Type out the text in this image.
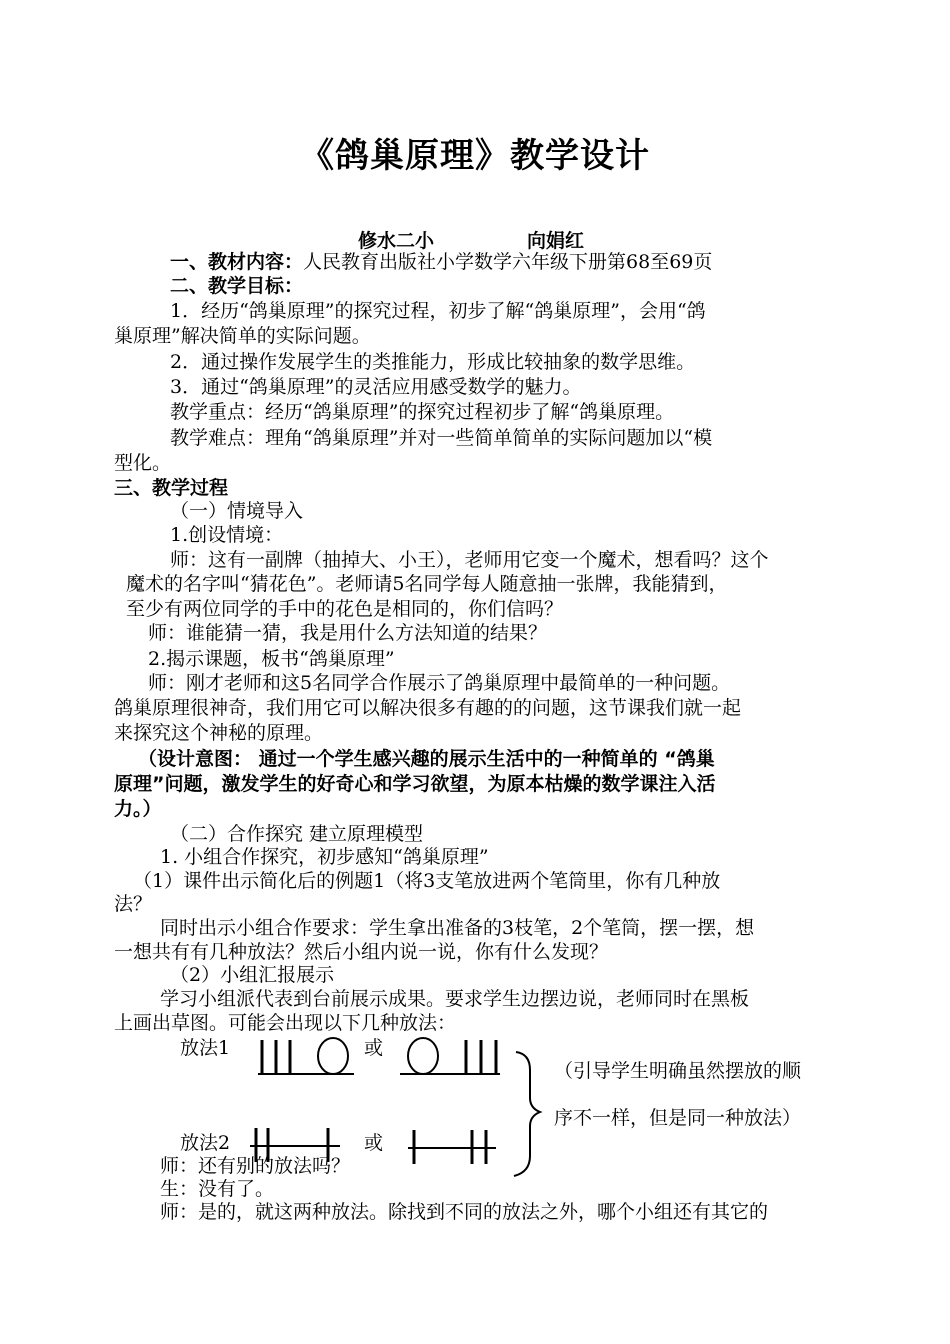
《鸽巢原理》教学设计
修水二小	向娟红
一、教材内容：人民教育出版社小学数学六年级下册第68至69页
二、教学目标：
1．经历“鸽巢原理”的探究过程，初步了解“鸽巢原理”，会用“鸽
巢原理”解决简单的实际问题。
2．通过操作发展学生的类推能力，形成比较抽象的数学思维。
3．通过“鸽巢原理”的灵活应用感受数学的魅力。
教学重点：经历“鸽巢原理”的探究过程初步了解“鸽巢原理。
教学难点：理角“鸽巢原理”并对一些简单简单的实际问题加以“模
型化。
三、教学过程
（一）情境导入
1.创设情境：
师：这有一副牌（抽掉大、小王），老师用它变一个魔术，想看吗？这个
魔术的名字叫“猜花色”。老师请5名同学每人随意抽一张牌，我能猜到，
至少有两位同学的手中的花色是相同的，你们信吗？
师：谁能猜一猜，我是用什么方法知道的结果？
2.揭示课题，板书“鸽巢原理”
师：刚才老师和这5名同学合作展示了鸽巢原理中最简单的一种问题。
鸽巢原理很神奇，我们用它可以解决很多有趣的的问题，这节课我们就一起
来探究这个神秘的原理。
（设计意图： 通过一个学生感兴趣的展示生活中的一种简单的 “鸽巢
原理”问题，激发学生的好奇心和学习欲望，为原本枯燥的数学课注入活
力。）
（二）合作探究 建立原理模型
1. 小组合作探究，初步感知“鸽巢原理”
（1）课件出示简化后的例题1（将3支笔放进两个笔筒里，你有几种放
法？
同时出示小组合作要求：学生拿出准备的3枝笔，2个笔筒，摆一摆，想
一想共有有几种放法？然后小组内说一说，你有什么发现？
（2）小组汇报展示
学习小组派代表到台前展示成果。要求学生边摆边说，老师同时在黑板
上画出草图。可能会出现以下几种放法：
放法1	或
（引导学生明确虽然摆放的顺
序不一样，但是同一种放法）
放法2	或
师：还有别的放法吗？
生：没有了。
师：是的，就这两种放法。除找到不同的放法之外，哪个小组还有其它的
